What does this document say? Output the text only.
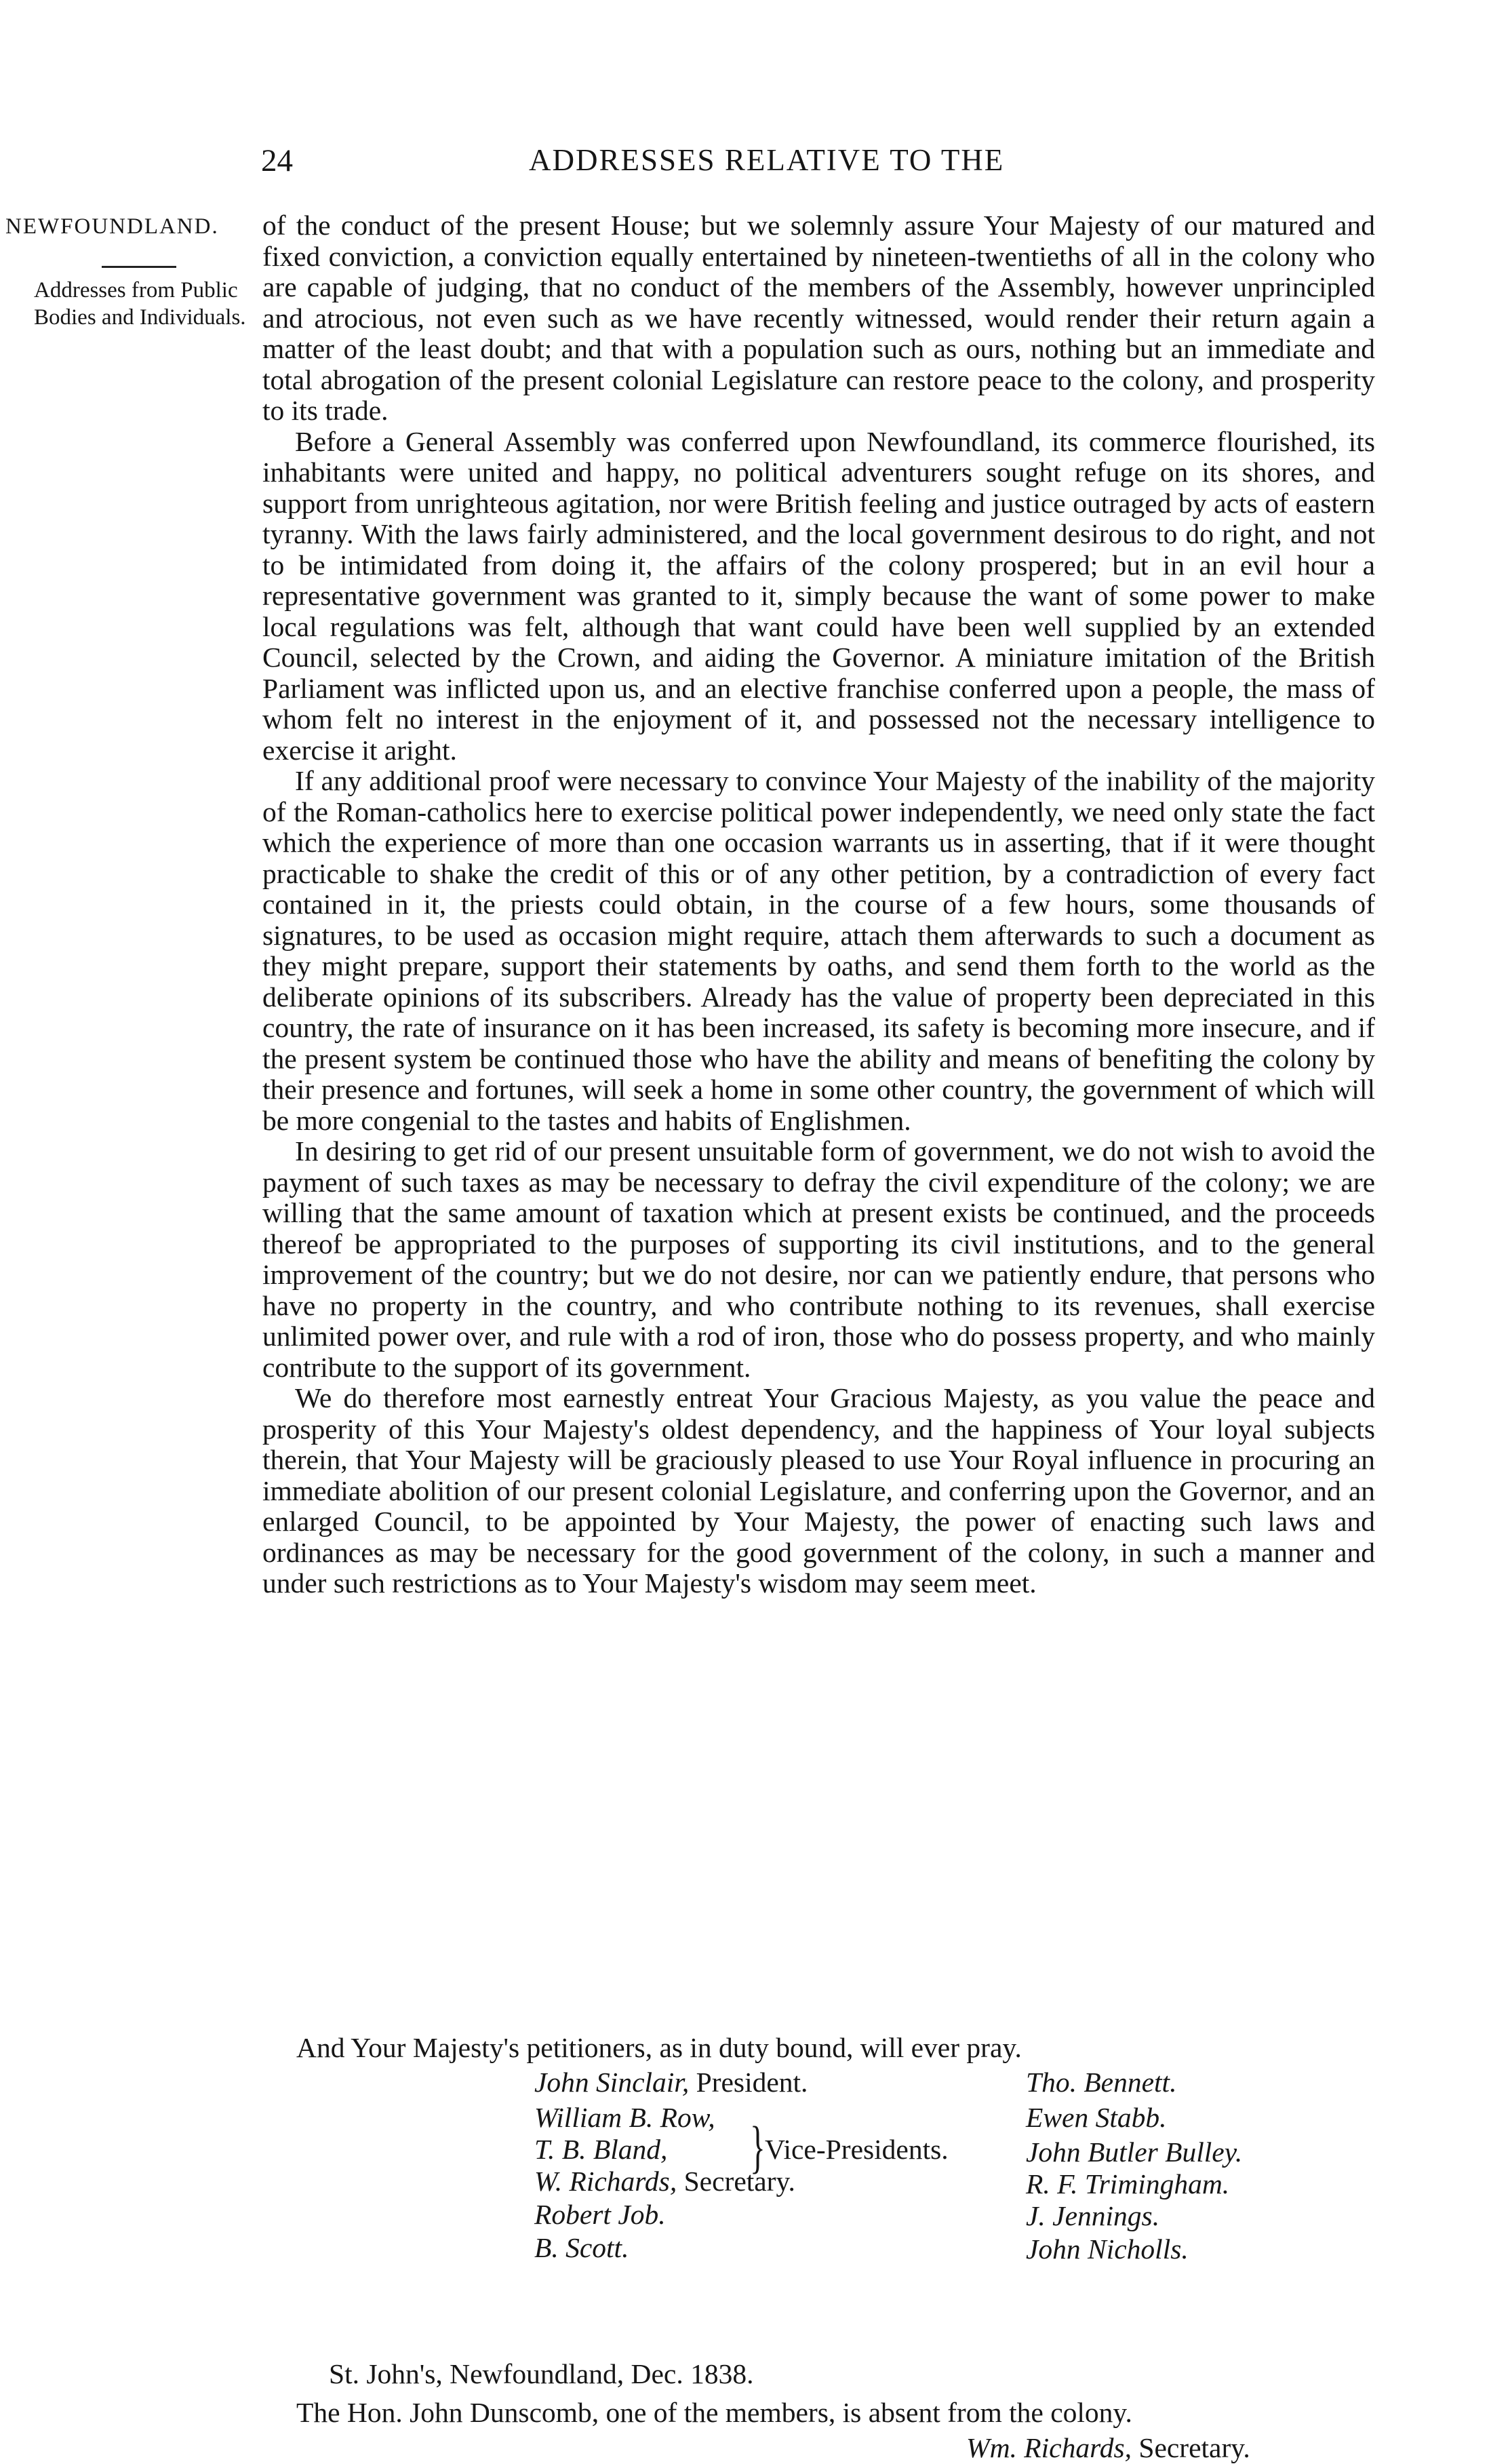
24	ADDRESSES RELATIVE TO THE
NEWFOUNDLAND.
Addresses from Public Bodies and Individuals.

of the conduct of the present House; but we solemnly assure Your Majesty of our matured and fixed conviction, a conviction equally entertained by nineteen-twentieths of all in the colony who are capable of judging, that no conduct of the members of the Assembly, however unprincipled and atrocious, not even such as we have recently witnessed, would render their return again a matter of the least doubt; and that with a population such as ours, nothing but an immediate and total abrogation of the present colonial Legislature can restore peace to the colony, and prosperity to its trade.

Before a General Assembly was conferred upon Newfoundland, its commerce flourished, its inhabitants were united and happy, no political adventurers sought refuge on its shores, and support from unrighteous agitation, nor were British feeling and justice outraged by acts of eastern tyranny. With the laws fairly administered, and the local government desirous to do right, and not to be intimidated from doing it, the affairs of the colony prospered; but in an evil hour a representative government was granted to it, simply because the want of some power to make local regulations was felt, although that want could have been well supplied by an extended Council, selected by the Crown, and aiding the Governor. A miniature imitation of the British Parliament was inflicted upon us, and an elective franchise conferred upon a people, the mass of whom felt no interest in the enjoyment of it, and possessed not the necessary intelligence to exercise it aright.

If any additional proof were necessary to convince Your Majesty of the inability of the majority of the Roman-catholics here to exercise political power independently, we need only state the fact which the experience of more than one occasion warrants us in asserting, that if it were thought practicable to shake the credit of this or of any other petition, by a contradiction of every fact contained in it, the priests could obtain, in the course of a few hours, some thousands of signatures, to be used as occasion might require, attach them afterwards to such a document as they might prepare, support their statements by oaths, and send them forth to the world as the deliberate opinions of its subscribers. Already has the value of property been depreciated in this country, the rate of insurance on it has been increased, its safety is becoming more insecure, and if the present system be continued those who have the ability and means of benefiting the colony by their presence and fortunes, will seek a home in some other country, the government of which will be more congenial to the tastes and habits of Englishmen.

In desiring to get rid of our present unsuitable form of government, we do not wish to avoid the payment of such taxes as may be necessary to defray the civil expenditure of the colony; we are willing that the same amount of taxation which at present exists be continued, and the proceeds thereof be appropriated to the purposes of supporting its civil institutions, and to the general improvement of the country; but we do not desire, nor can we patiently endure, that persons who have no property in the country, and who contribute nothing to its revenues, shall exercise unlimited power over, and rule with a rod of iron, those who do possess property, and who mainly contribute to the support of its government.

We do therefore most earnestly entreat Your Gracious Majesty, as you value the peace and prosperity of this Your Majesty's oldest dependency, and the happiness of Your loyal subjects therein, that Your Majesty will be graciously pleased to use Your Royal influence in procuring an immediate abolition of our present colonial Legislature, and conferring upon the Governor, and an enlarged Council, to be appointed by Your Majesty, the power of enacting such laws and ordinances as may be necessary for the good government of the colony, in such a manner and under such restrictions as to Your Majesty's wisdom may seem meet.

And Your Majesty's petitioners, as in duty bound, will ever pray.
John Sinclair, President.
William B. Row,
T. B. Bland, } Vice-Presidents.
W. Richards, Secretary.
Robert Job.
B. Scott.
Tho. Bennett.
Ewen Stabb.
John Butler Bulley.
R. F. Trimingham.
J. Jennings.
John Nicholls.
St. John's, Newfoundland, Dec. 1838.
The Hon. John Dunscomb, one of the members, is absent from the colony.
Wm. Richards, Secretary.
